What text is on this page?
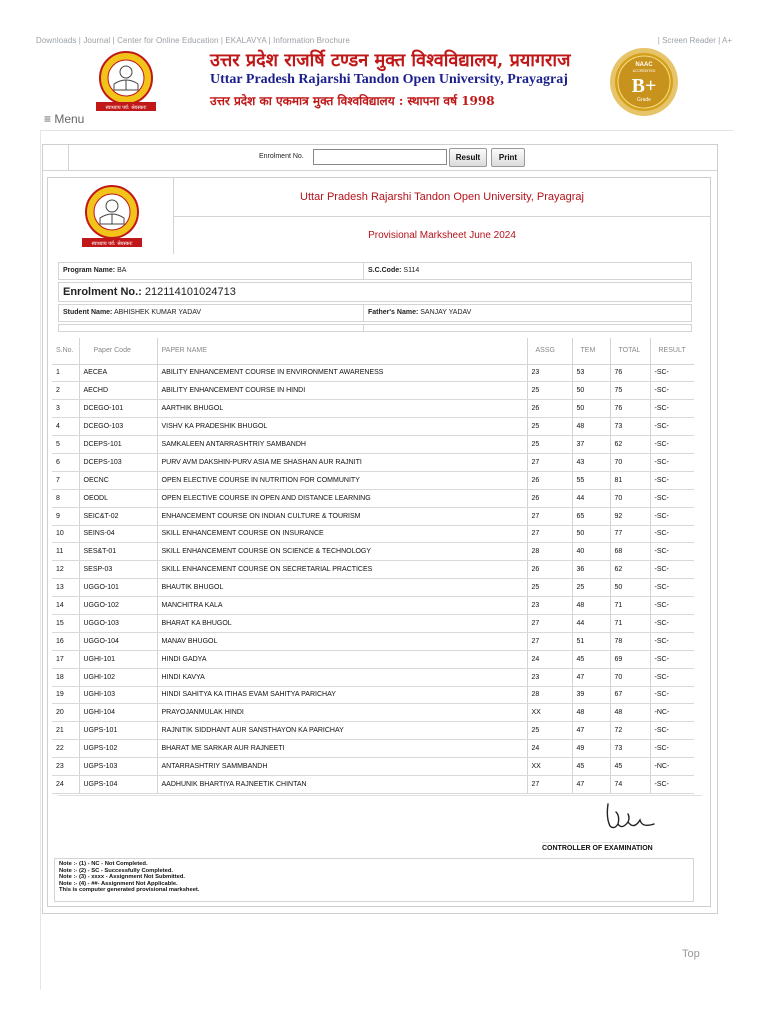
Downloads | Journal | Center for Online Education | EKALAVYA | Information Brochure	| Screen Reader | A+
स्वाध्याय पर्व: श्रेयस्करः
उत्तर प्रदेश राजर्षि टण्डन मुक्त विश्वविद्यालय, प्रयागराज
Uttar Pradesh Rajarshi Tandon Open University, Prayagraj
उत्तर प्रदेश का एकमात्र मुक्त विश्वविद्यालय : स्थापना वर्ष 1998
NAAC
ACCREDITED
B+
Grade
≡ Menu
Enrolment No.	Result	Print
स्वाध्याय पर्व: श्रेयस्करः
Uttar Pradesh Rajarshi Tandon Open University, Prayagraj
Provisional Marksheet June 2024
Program Name: BA	S.C.Code: S114
Enrolment No.: 212114101024713
Student Name: ABHISHEK KUMAR YADAV	Father's Name: SANJAY YADAV
S.No.	Paper Code	PAPER NAME	ASSG	TEM	TOTAL	RESULT
1	AECEA	ABILITY ENHANCEMENT COURSE IN ENVIRONMENT AWARENESS	23	53	76	-SC-
2	AECHD	ABILITY ENHANCEMENT COURSE IN HINDI	25	50	75	-SC-
3	DCEGO-101	AARTHIK BHUGOL	26	50	76	-SC-
4	DCEGO-103	VISHV KA PRADESHIK BHUGOL	25	48	73	-SC-
5	DCEPS-101	SAMKALEEN ANTARRASHTRIY SAMBANDH	25	37	62	-SC-
6	DCEPS-103	PURV AVM DAKSHIN-PURV ASIA ME SHASHAN AUR RAJNITI	27	43	70	-SC-
7	OECNC	OPEN ELECTIVE COURSE IN NUTRITION FOR COMMUNITY	26	55	81	-SC-
8	OEODL	OPEN ELECTIVE COURSE IN OPEN AND DISTANCE LEARNING	26	44	70	-SC-
9	SEIC&T-02	ENHANCEMENT COURSE ON INDIAN CULTURE & TOURISM	27	65	92	-SC-
10	SEINS-04	SKILL ENHANCEMENT COURSE ON INSURANCE	27	50	77	-SC-
11	SES&T-01	SKILL ENHANCEMENT COURSE ON SCIENCE & TECHNOLOGY	28	40	68	-SC-
12	SESP-03	SKILL ENHANCEMENT COURSE ON SECRETARIAL PRACTICES	26	36	62	-SC-
13	UGGO-101	BHAUTIK BHUGOL	25	25	50	-SC-
14	UGGO-102	MANCHITRA KALA	23	48	71	-SC-
15	UGGO-103	BHARAT KA BHUGOL	27	44	71	-SC-
16	UGGO-104	MANAV BHUGOL	27	51	78	-SC-
17	UGHI-101	HINDI GADYA	24	45	69	-SC-
18	UGHI-102	HINDI KAVYA	23	47	70	-SC-
19	UGHI-103	HINDI SAHITYA KA ITIHAS EVAM SAHITYA PARICHAY	28	39	67	-SC-
20	UGHI-104	PRAYOJANMULAK HINDI	XX	48	48	-NC-
21	UGPS-101	RAJNITIK SIDDHANT AUR SANSTHAYON KA PARICHAY	25	47	72	-SC-
22	UGPS-102	BHARAT ME SARKAR AUR RAJNEETI	24	49	73	-SC-
23	UGPS-103	ANTARRASHTRIY SAMMBANDH	XX	45	45	-NC-
24	UGPS-104	AADHUNIK BHARTIYA RAJNEETIK CHINTAN	27	47	74	-SC-
CONTROLLER OF EXAMINATION
Note :- (1) - NC - Not Completed.
Note :- (2) - SC - Successfully Completed.
Note :- (3) - xxxx - Assignment Not Submitted.
Note :- (4) - ##- Assignment Not Applicable.
This is computer generated provisional marksheet.
Top
